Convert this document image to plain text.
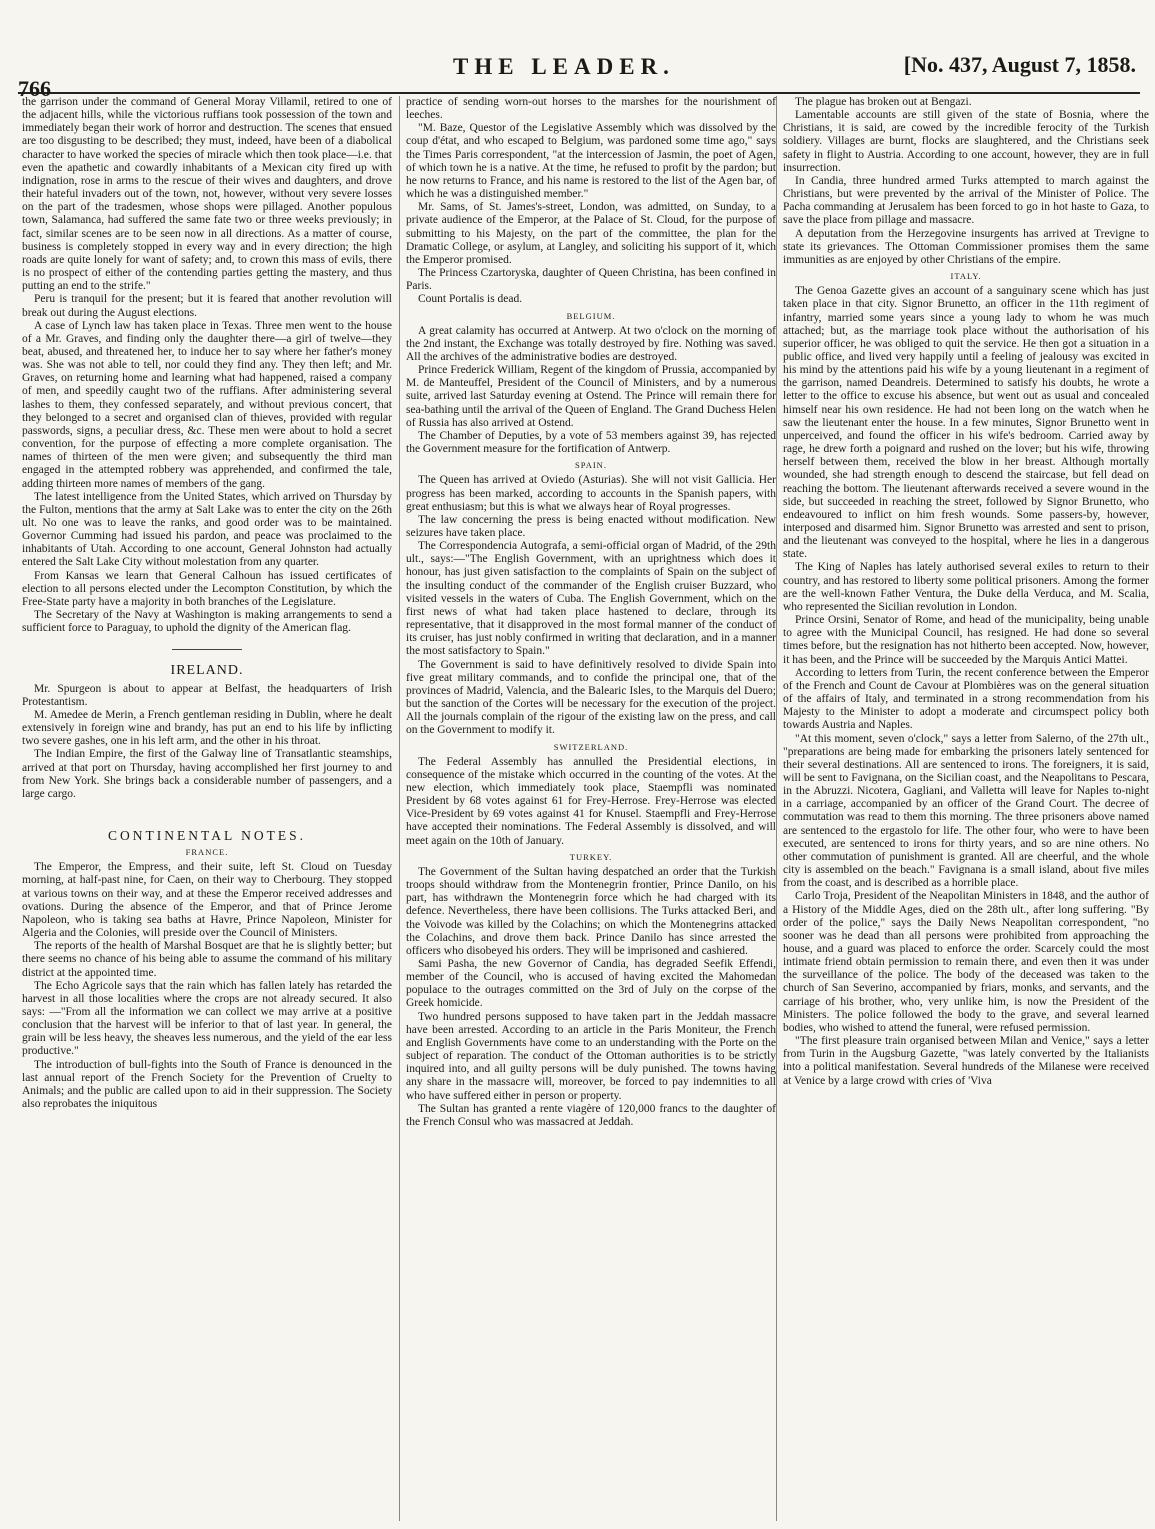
766
THE LEADER.	[No. 437, August 7, 1858.

the garrison under the command of General Moray Villamil, retired to one of the adjacent hills, while the victorious ruffians took possession of the town and immediately began their work of horror and destruction. The scenes that ensued are too disgusting to be described; they must, indeed, have been of a diabolical character to have worked the species of miracle which then took place—i.e. that even the apathetic and cowardly inhabitants of a Mexican city fired up with indignation, rose in arms to the rescue of their wives and daughters, and drove their hateful invaders out of the town, not, however, without very severe losses on the part of the tradesmen, whose shops were pillaged. Another populous town, Salamanca, had suffered the same fate two or three weeks previously; in fact, similar scenes are to be seen now in all directions. As a matter of course, business is completely stopped in every way and in every direction; the high roads are quite lonely for want of safety; and, to crown this mass of evils, there is no prospect of either of the contending parties getting the mastery, and thus putting an end to the strife."

Peru is tranquil for the present; but it is feared that another revolution will break out during the August elections.

A case of Lynch law has taken place in Texas. Three men went to the house of a Mr. Graves, and finding only the daughter there—a girl of twelve—they beat, abused, and threatened her, to induce her to say where her father's money was. She was not able to tell, nor could they find any. They then left; and Mr. Graves, on returning home and learning what had happened, raised a company of men, and speedily caught two of the ruffians. After administering several lashes to them, they confessed separately, and without previous concert, that they belonged to a secret and organised clan of thieves, provided with regular passwords, signs, a peculiar dress, &c. These men were about to hold a secret convention, for the purpose of effecting a more complete organisation. The names of thirteen of the men were given; and subsequently the third man engaged in the attempted robbery was apprehended, and confirmed the tale, adding thirteen more names of members of the gang.

The latest intelligence from the United States, which arrived on Thursday by the Fulton, mentions that the army at Salt Lake was to enter the city on the 26th ult. No one was to leave the ranks, and good order was to be maintained. Governor Cumming had issued his pardon, and peace was proclaimed to the inhabitants of Utah. According to one account, General Johnston had actually entered the Salt Lake City without molestation from any quarter.

From Kansas we learn that General Calhoun has issued certificates of election to all persons elected under the Lecompton Constitution, by which the Free-State party have a majority in both branches of the Legislature.

The Secretary of the Navy at Washington is making arrangements to send a sufficient force to Paraguay, to uphold the dignity of the American flag.

IRELAND.

Mr. Spurgeon is about to appear at Belfast, the headquarters of Irish Protestantism.

M. Amedee de Merin, a French gentleman residing in Dublin, where he dealt extensively in foreign wine and brandy, has put an end to his life by inflicting two severe gashes, one in his left arm, and the other in his throat.

The Indian Empire, the first of the Galway line of Transatlantic steamships, arrived at that port on Thursday, having accomplished her first journey to and from New York. She brings back a considerable number of passengers, and a large cargo.

CONTINENTAL NOTES.
FRANCE.

The Emperor, the Empress, and their suite, left St. Cloud on Tuesday morning, at half-past nine, for Caen, on their way to Cherbourg. They stopped at various towns on their way, and at these the Emperor received addresses and ovations. During the absence of the Emperor, and that of Prince Jerome Napoleon, who is taking sea baths at Havre, Prince Napoleon, Minister for Algeria and the Colonies, will preside over the Council of Ministers.

The reports of the health of Marshal Bosquet are that he is slightly better; but there seems no chance of his being able to assume the command of his military district at the appointed time.

The Echo Agricole says that the rain which has fallen lately has retarded the harvest in all those localities where the crops are not already secured. It also says: —"From all the information we can collect we may arrive at a positive conclusion that the harvest will be inferior to that of last year. In general, the grain will be less heavy, the sheaves less numerous, and the yield of the ear less productive."

The introduction of bull-fights into the South of France is denounced in the last annual report of the French Society for the Prevention of Cruelty to Animals; and the public are called upon to aid in their suppression. The Society also reprobates the iniquitous

practice of sending worn-out horses to the marshes for the nourishment of leeches.

"M. Baze, Questor of the Legislative Assembly which was dissolved by the coup d'état, and who escaped to Belgium, was pardoned some time ago," says the Times Paris correspondent, "at the intercession of Jasmin, the poet of Agen, of which town he is a native. At the time, he refused to profit by the pardon; but he now returns to France, and his name is restored to the list of the Agen bar, of which he was a distinguished member."

Mr. Sams, of St. James's-street, London, was admitted, on Sunday, to a private audience of the Emperor, at the Palace of St. Cloud, for the purpose of submitting to his Majesty, on the part of the committee, the plan for the Dramatic College, or asylum, at Langley, and soliciting his support of it, which the Emperor promised.

The Princess Czartoryska, daughter of Queen Christina, has been confined in Paris.

Count Portalis is dead.

BELGIUM.

A great calamity has occurred at Antwerp. At two o'clock on the morning of the 2nd instant, the Exchange was totally destroyed by fire. Nothing was saved. All the archives of the administrative bodies are destroyed.

Prince Frederick William, Regent of the kingdom of Prussia, accompanied by M. de Manteuffel, President of the Council of Ministers, and by a numerous suite, arrived last Saturday evening at Ostend. The Prince will remain there for sea-bathing until the arrival of the Queen of England. The Grand Duchess Helen of Russia has also arrived at Ostend.

The Chamber of Deputies, by a vote of 53 members against 39, has rejected the Government measure for the fortification of Antwerp.

SPAIN.

The Queen has arrived at Oviedo (Asturias). She will not visit Gallicia. Her progress has been marked, according to accounts in the Spanish papers, with great enthusiasm; but this is what we always hear of Royal progresses.

The law concerning the press is being enacted without modification. New seizures have taken place.

The Correspondencia Autografa, a semi-official organ of Madrid, of the 29th ult., says:—"The English Government, with an uprightness which does it honour, has just given satisfaction to the complaints of Spain on the subject of the insulting conduct of the commander of the English cruiser Buzzard, who visited vessels in the waters of Cuba. The English Government, which on the first news of what had taken place hastened to declare, through its representative, that it disapproved in the most formal manner of the conduct of its cruiser, has just nobly confirmed in writing that declaration, and in a manner the most satisfactory to Spain."

The Government is said to have definitively resolved to divide Spain into five great military commands, and to confide the principal one, that of the provinces of Madrid, Valencia, and the Balearic Isles, to the Marquis del Duero; but the sanction of the Cortes will be necessary for the execution of the project. All the journals complain of the rigour of the existing law on the press, and call on the Government to modify it.

SWITZERLAND.

The Federal Assembly has annulled the Presidential elections, in consequence of the mistake which occurred in the counting of the votes. At the new election, which immediately took place, Staempfli was nominated President by 68 votes against 61 for Frey-Herrose. Frey-Herrose was elected Vice-President by 69 votes against 41 for Knusel. Staempfli and Frey-Herrose have accepted their nominations. The Federal Assembly is dissolved, and will meet again on the 10th of January.

TURKEY.

The Government of the Sultan having despatched an order that the Turkish troops should withdraw from the Montenegrin frontier, Prince Danilo, on his part, has withdrawn the Montenegrin force which he had charged with its defence. Nevertheless, there have been collisions. The Turks attacked Beri, and the Voivode was killed by the Colachins; on which the Montenegrins attacked the Colachins, and drove them back. Prince Danilo has since arrested the officers who disobeyed his orders. They will be imprisoned and cashiered.

Sami Pasha, the new Governor of Candia, has degraded Seefik Effendi, member of the Council, who is accused of having excited the Mahomedan populace to the outrages committed on the 3rd of July on the corpse of the Greek homicide.

Two hundred persons supposed to have taken part in the Jeddah massacre have been arrested. According to an article in the Paris Moniteur, the French and English Governments have come to an understanding with the Porte on the subject of reparation. The conduct of the Ottoman authorities is to be strictly inquired into, and all guilty persons will be duly punished. The towns having any share in the massacre will, moreover, be forced to pay indemnities to all who have suffered either in person or property.

The Sultan has granted a rente viagère of 120,000 francs to the daughter of the French Consul who was massacred at Jeddah.

The plague has broken out at Bengazi.

Lamentable accounts are still given of the state of Bosnia, where the Christians, it is said, are cowed by the incredible ferocity of the Turkish soldiery. Villages are burnt, flocks are slaughtered, and the Christians seek safety in flight to Austria. According to one account, however, they are in full insurrection.

In Candia, three hundred armed Turks attempted to march against the Christians, but were prevented by the arrival of the Minister of Police. The Pacha commanding at Jerusalem has been forced to go in hot haste to Gaza, to save the place from pillage and massacre.

A deputation from the Herzegovine insurgents has arrived at Trevigne to state its grievances. The Ottoman Commissioner promises them the same immunities as are enjoyed by other Christians of the empire.

ITALY.

The Genoa Gazette gives an account of a sanguinary scene which has just taken place in that city. Signor Brunetto, an officer in the 11th regiment of infantry, married some years since a young lady to whom he was much attached; but, as the marriage took place without the authorisation of his superior officer, he was obliged to quit the service. He then got a situation in a public office, and lived very happily until a feeling of jealousy was excited in his mind by the attentions paid his wife by a young lieutenant in a regiment of the garrison, named Deandreis. Determined to satisfy his doubts, he wrote a letter to the office to excuse his absence, but went out as usual and concealed himself near his own residence. He had not been long on the watch when he saw the lieutenant enter the house. In a few minutes, Signor Brunetto went in unperceived, and found the officer in his wife's bedroom. Carried away by rage, he drew forth a poignard and rushed on the lover; but his wife, throwing herself between them, received the blow in her breast. Although mortally wounded, she had strength enough to descend the staircase, but fell dead on reaching the bottom. The lieutenant afterwards received a severe wound in the side, but succeeded in reaching the street, followed by Signor Brunetto, who endeavoured to inflict on him fresh wounds. Some passers-by, however, interposed and disarmed him. Signor Brunetto was arrested and sent to prison, and the lieutenant was conveyed to the hospital, where he lies in a dangerous state.

The King of Naples has lately authorised several exiles to return to their country, and has restored to liberty some political prisoners. Among the former are the well-known Father Ventura, the Duke della Verduca, and M. Scalia, who represented the Sicilian revolution in London.

Prince Orsini, Senator of Rome, and head of the municipality, being unable to agree with the Municipal Council, has resigned. He had done so several times before, but the resignation has not hitherto been accepted. Now, however, it has been, and the Prince will be succeeded by the Marquis Antici Mattei.

According to letters from Turin, the recent conference between the Emperor of the French and Count de Cavour at Plombières was on the general situation of the affairs of Italy, and terminated in a strong recommendation from his Majesty to the Minister to adopt a moderate and circumspect policy both towards Austria and Naples.

"At this moment, seven o'clock," says a letter from Salerno, of the 27th ult., "preparations are being made for embarking the prisoners lately sentenced for their several destinations. All are sentenced to irons. The foreigners, it is said, will be sent to Favignana, on the Sicilian coast, and the Neapolitans to Pescara, in the Abruzzi. Nicotera, Gagliani, and Valletta will leave for Naples to-night in a carriage, accompanied by an officer of the Grand Court. The decree of commutation was read to them this morning. The three prisoners above named are sentenced to the ergastolo for life. The other four, who were to have been executed, are sentenced to irons for thirty years, and so are nine others. No other commutation of punishment is granted. All are cheerful, and the whole city is assembled on the beach." Favignana is a small island, about five miles from the coast, and is described as a horrible place.

Carlo Troja, President of the Neapolitan Ministers in 1848, and the author of a History of the Middle Ages, died on the 28th ult., after long suffering. "By order of the police," says the Daily News Neapolitan correspondent, "no sooner was he dead than all persons were prohibited from approaching the house, and a guard was placed to enforce the order. Scarcely could the most intimate friend obtain permission to remain there, and even then it was under the surveillance of the police. The body of the deceased was taken to the church of San Severino, accompanied by friars, monks, and servants, and the carriage of his brother, who, very unlike him, is now the President of the Ministers. The police followed the body to the grave, and several learned bodies, who wished to attend the funeral, were refused permission.

"The first pleasure train organised between Milan and Venice," says a letter from Turin in the Augsburg Gazette, "was lately converted by the Italianists into a political manifestation. Several hundreds of the Milanese were received at Venice by a large crowd with cries of 'Viva
